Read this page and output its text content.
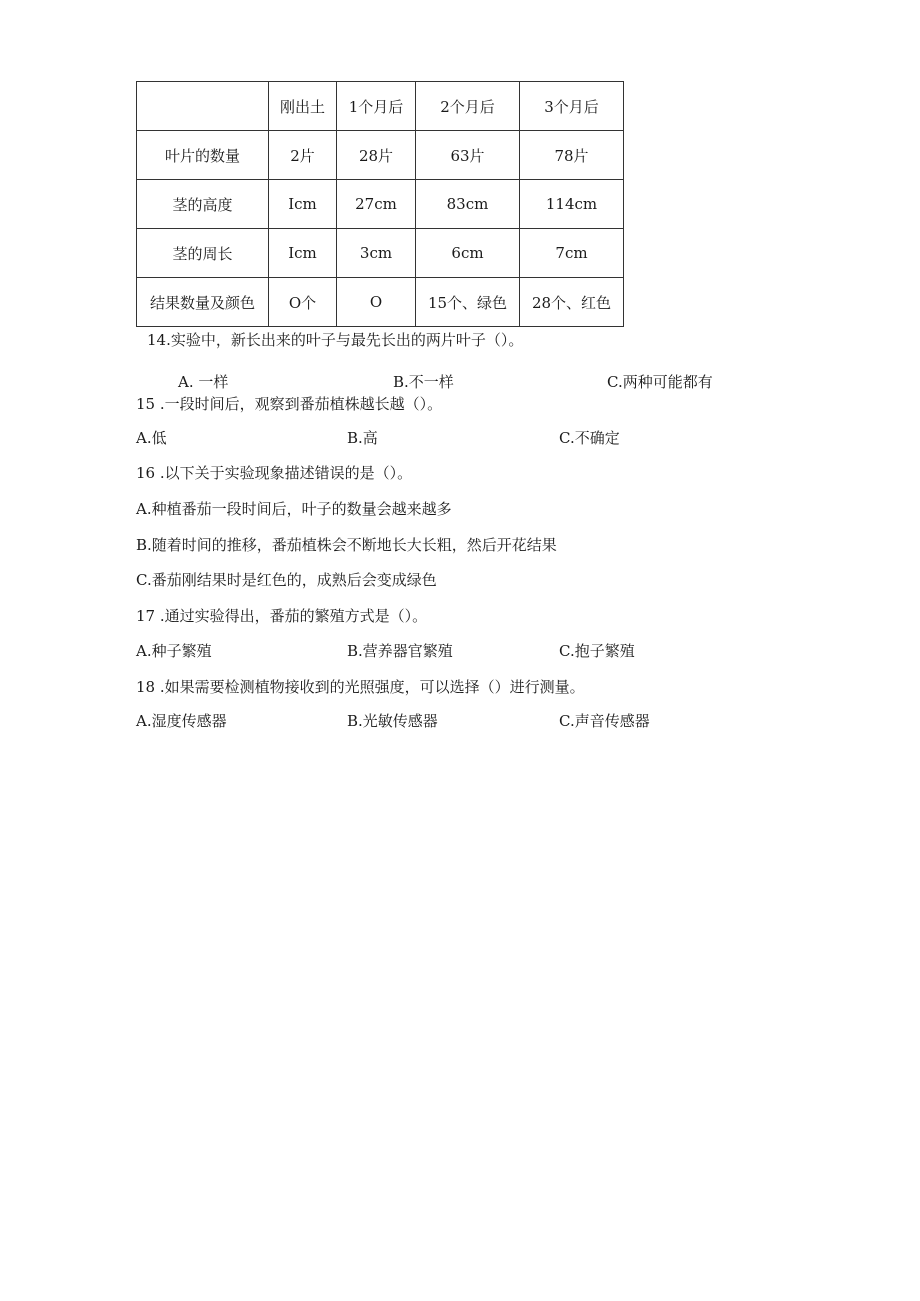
	刚出土	1个月后	2个月后	3个月后
叶片的数量	2片	28片	63片	78片
茎的高度	Icm	27cm	83cm	114cm
茎的周长	Icm	3cm	6cm	7cm
结果数量及颜色	O个	O	15个、绿色	28个、红色
14.实验中，新长出来的叶子与最先长出的两片叶子（）。
A. 一样	B.不一样	C.两种可能都有
15 .一段时间后，观察到番茄植株越长越（）。
A.低	B.高	C.不确定
16 .以下关于实验现象描述错误的是（）。
A.种植番茄一段时间后，叶子的数量会越来越多
B.随着时间的推移，番茄植株会不断地长大长粗，然后开花结果
C.番茄刚结果时是红色的，成熟后会变成绿色
17 .通过实验得出，番茄的繁殖方式是（）。
A.种子繁殖	B.营养器官繁殖	C.抱子繁殖
18 .如果需要检测植物接收到的光照强度，可以选择（）进行测量。
A.湿度传感器	B.光敏传感器	C.声音传感器
